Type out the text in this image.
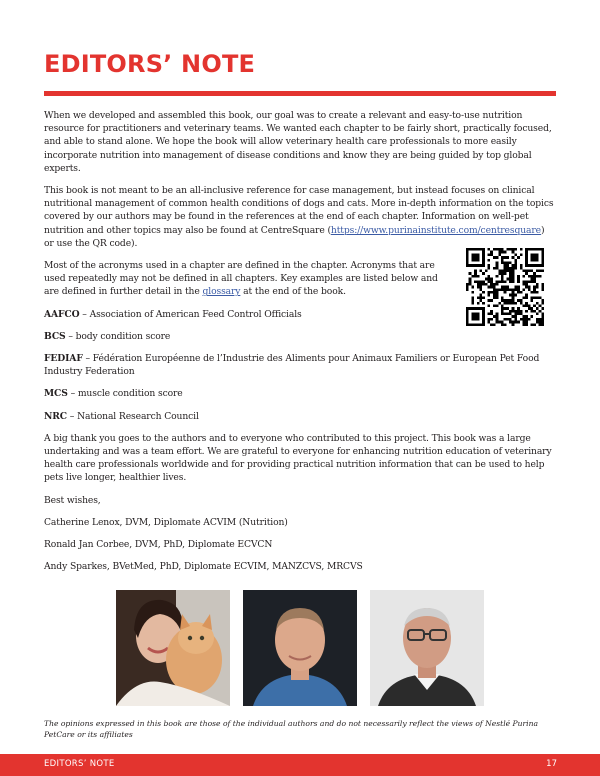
EDITORS’ NOTE

When we developed and assembled this book, our goal was to create a relevant and easy-to-use nutrition resource for practitioners and veterinary teams. We wanted each chapter to be fairly short, practically focused, and able to stand alone. We hope the book will allow veterinary health care professionals to more easily incorporate nutrition into management of disease conditions and know they are being guided by top global experts.

This book is not meant to be an all-inclusive reference for case management, but instead focuses on clinical nutritional management of common health conditions of dogs and cats. More in-depth information on the topics covered by our authors may be found in the references at the end of each chapter. Information on well-pet nutrition and other topics may also be found at CentreSquare (https://www.purinainstitute.com/centresquare) or use the QR code).

Most of the acronyms used in a chapter are defined in the chapter. Acronyms that are used repeatedly may not be defined in all chapters. Key examples are listed below and are defined in further detail in the glossary at the end of the book.

AAFCO – Association of American Feed Control Officials
BCS – body condition score
FEDIAF – Fédération Européenne de l’Industrie des Aliments pour Animaux Familiers or European Pet Food Industry Federation
MCS – muscle condition score
NRC – National Research Council

A big thank you goes to the authors and to everyone who contributed to this project. This book was a large undertaking and was a team effort. We are grateful to everyone for enhancing nutrition education of veterinary health care professionals worldwide and for providing practical nutrition information that can be used to help pets live longer, healthier lives.

Best wishes,

Catherine Lenox, DVM, Diplomate ACVIM (Nutrition)

Ronald Jan Corbee, DVM, PhD, Diplomate ECVCN

Andy Sparkes, BVetMed, PhD, Diplomate ECVIM, MANZCVS, MRCVS

The opinions expressed in this book are those of the individual authors and do not necessarily reflect the views of Nestlé Purina PetCare or its affiliates
EDITORS’ NOTE	17
